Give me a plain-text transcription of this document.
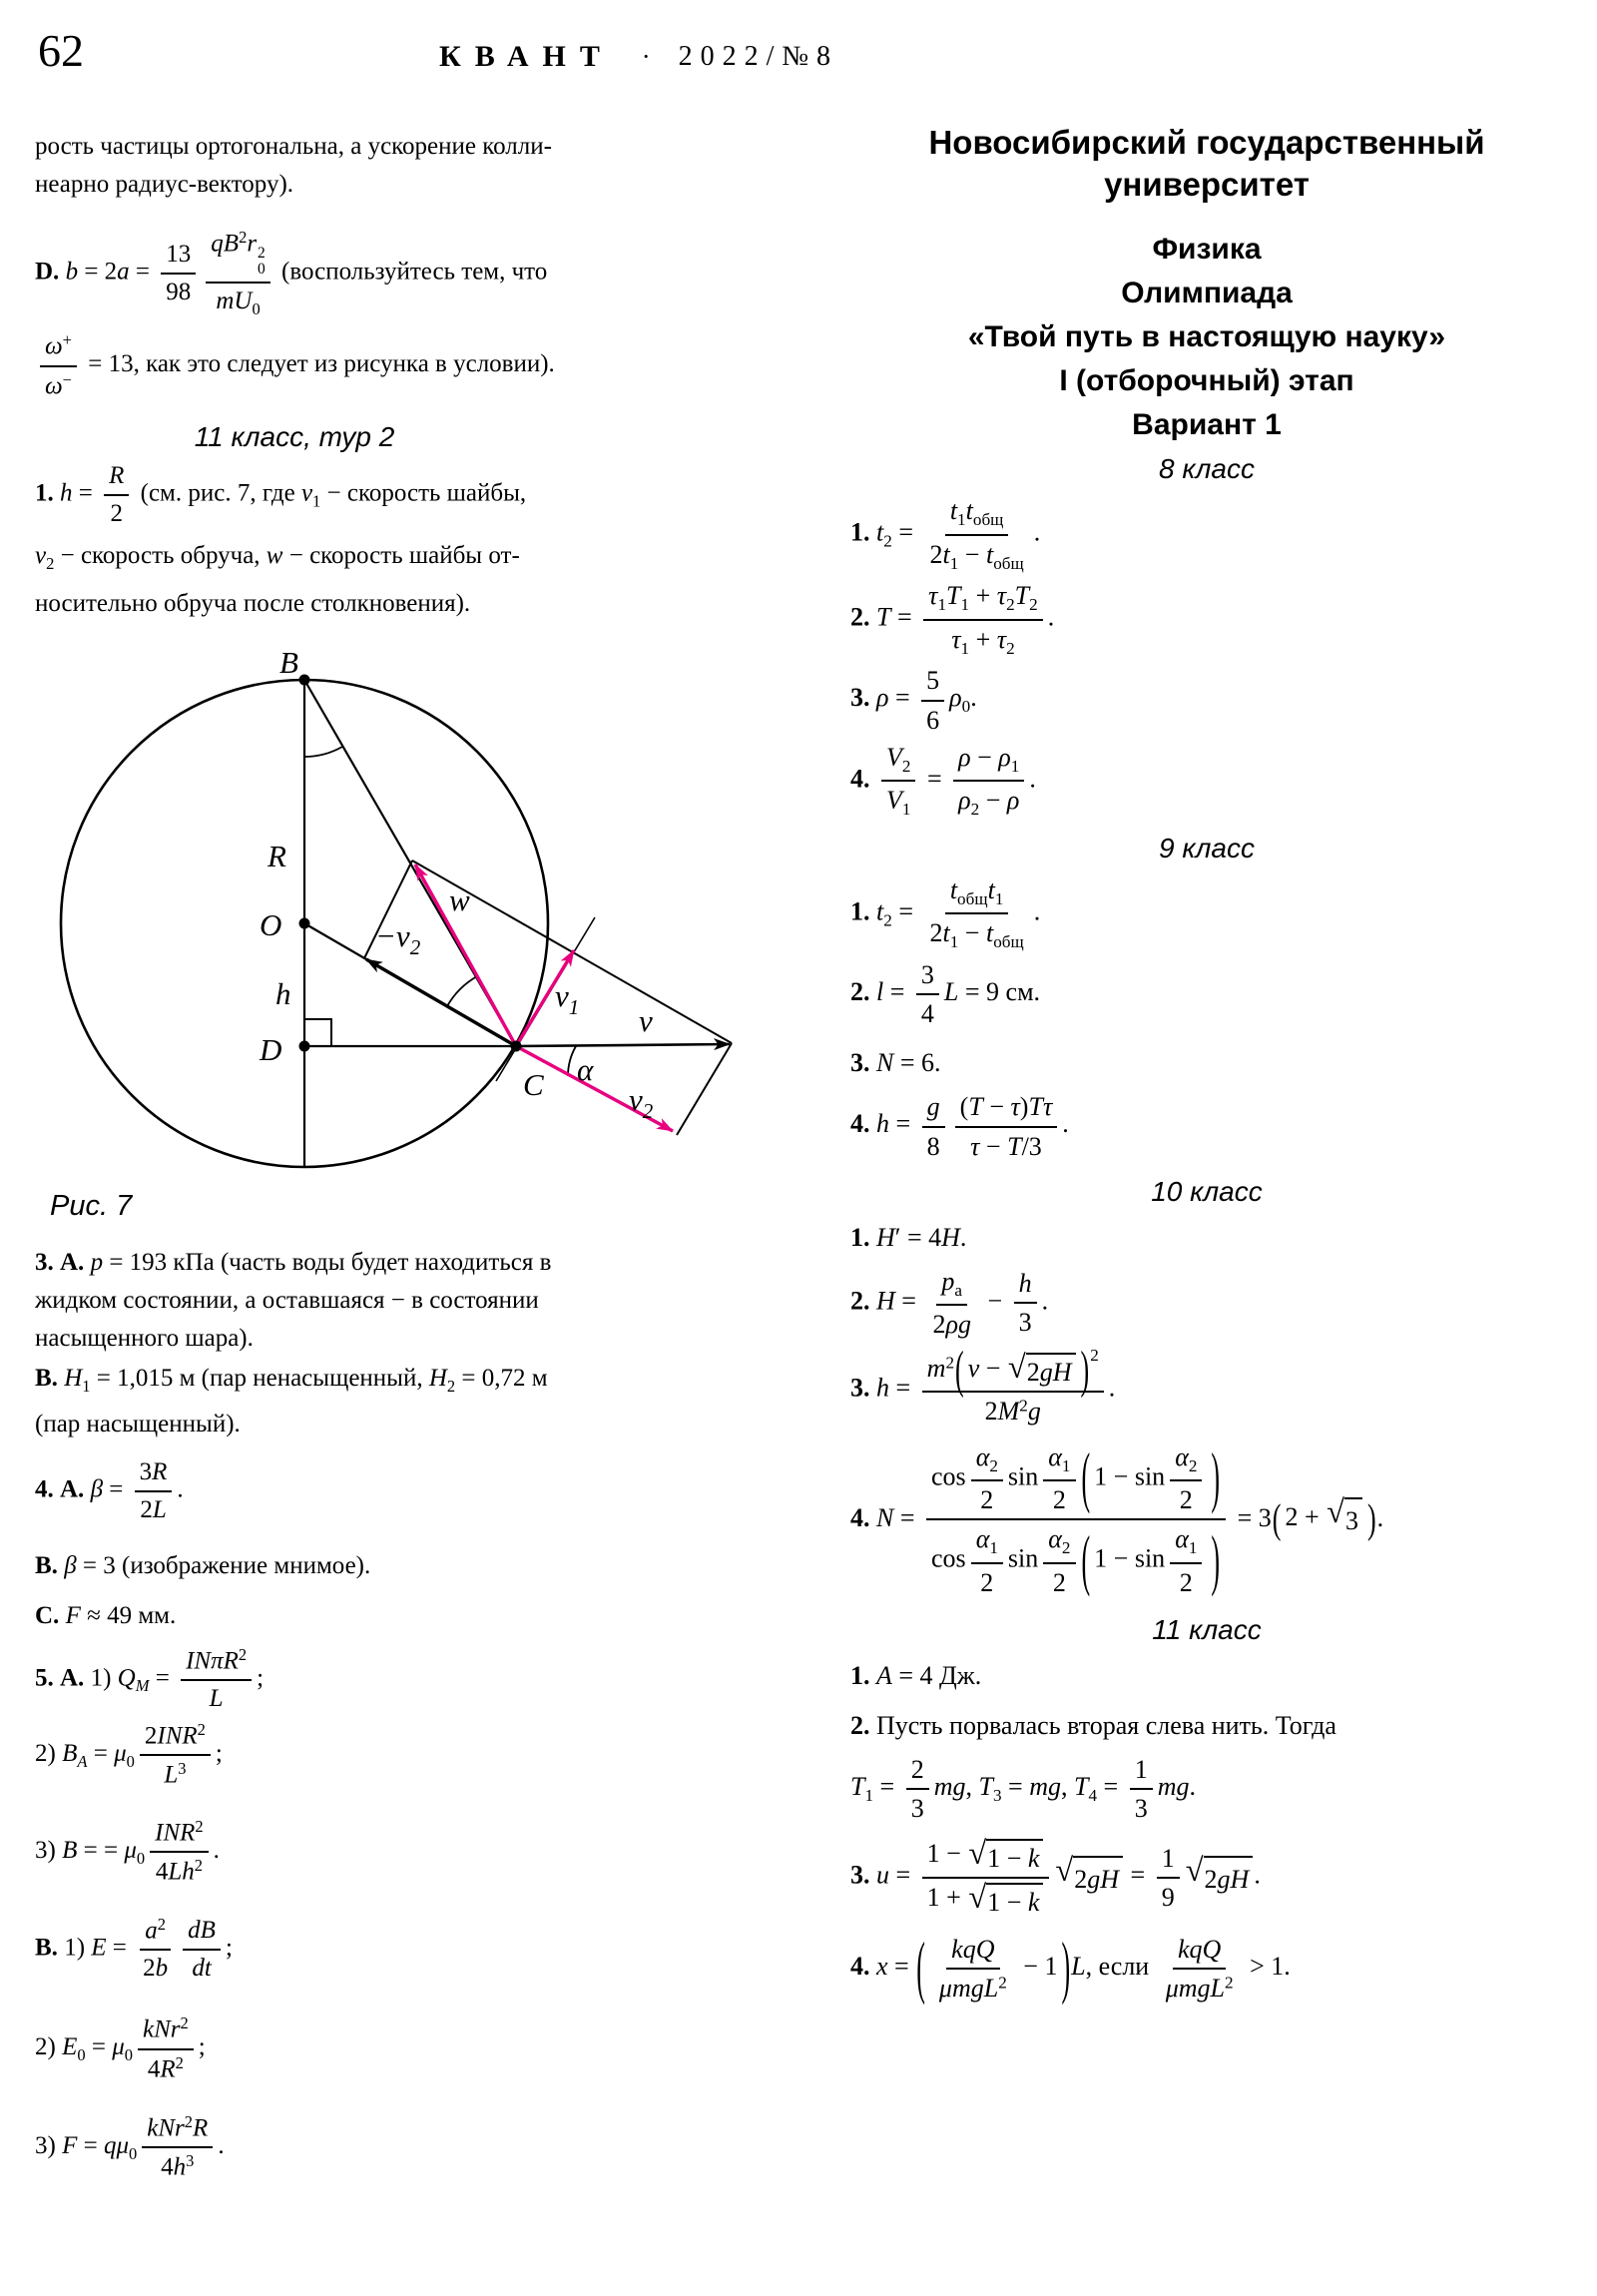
62	КВАНТ · 2022/№8
рость частицы ортогональна, а ускорение колли-
неарно радиус-вектору).
D. $b = 2a = \frac{13}{98} qB^2r$ 2
0
$mU_0$ (воспользуйтесь тем, что
$\frac{\omega^+}{\omega^-} = 13$, как это следует из рисунка в условии).
11 класс, тур 2
1. $h = \frac{R}{2} (см$. рис. 7, где $v_1$ − скорость шайбы,
$v_2$ − скорость обруча, w − скорость шайбы от-
носительно обруча после столкновения).
B
R
O
h
D
C
w
$-v_2$
$v_1$ v
α
$v_2$
Рис. 7
3. А. p = 193 кПа (часть воды будет находиться в
жидком состоянии, а оставшаяся − в состоянии
насыщенного шара).
В. $H_1 = 1,015$ м (пар ненасыщенный, $H_2 = 0,72$ м
(пар насыщенный).
4. А. $\beta = \frac{3R}{2L}$ .
В. β = 3 (изображение мнимое).
С. F ≈ 49 мм.
5. А. 1) $Q_M = \frac{IN\pi R^2}{L}$ ;
2) $B_A = \mu_0 \frac{2INR^2}{L^3}$ ;
3) B = = $\mu_0 \frac{INR^2}{4Lh^2}$ .
В. 1) $E = \frac{a^2}{2b} \frac{dB}{dt}$ ;
2) $E_0 = \mu_0 \frac{kNr^2}{4R^2}$ ;
3) $F = q\mu_0 \frac{kNr^2R}{4h^3}$ .
Новосибирский государственный
университет
Физика
Олимпиада
«Твой путь в настоящую науку»
I (отборочный) этап
Вариант 1
8 класс
1. $t_2 = \frac{t_1t_{общ}}{2t_1 - t_{общ}}$ .
2. $T = \frac{\tau_1T_1 + \tau_2T_2}{\tau_1 + \tau_2}$ .
3. $\rho = \frac{5}{6} \rho_0$.
4. $\frac{V_2}{V_1} = \frac{\rho - \rho_1}{\rho_2 - \rho}$ .
9 класс
1. $t_2 = \frac{t_{общ}t_1}{2t_1 - t_{общ}}$ .
2. $l = \frac{3}{4}$ L = 9 см.
3. N = 6.
4. $h = \frac{g}{8} \frac{(T - \tau)T\tau}{\tau - T/3}$ .
10 класс
1. H′ = 4H.
2. $H = \frac{p_а}{2\rho g} - \frac{h}{3}$ .
3. $h = \frac{m^2 ( v - √ 2gH ) 2}{2M^2g}$ .
4. $N = \frac{\cos \frac{\alpha_2}{2} \sin \frac{\alpha_1}{2} ( 1 - \sin \frac{\alpha_2}{2} )}{\cos \frac{\alpha_1}{2} \sin \frac{\alpha_2}{2} ( 1 - \sin \frac{\alpha_1}{2} )} = 3$ ( 2 + √ 3 ) .
11 класс
1. A = 4 Дж.
2. Пусть порвалась вторая слева нить. Тогда
$T_1 = \frac{2}{3}$ mg, $T_3$ = mg, $T_4 = \frac{1}{3}$ mg.
3. $u = \frac{1 - √ 1 - k}{1 + √ 1 - k}$ √ $2gH = \frac{1}{9}$ √ 2gH .
4. x = ( $\frac{\text{kqQ}}{\mu mgL^2} - 1$ ) L, если $\frac{\text{kqQ}}{\mu mgL^2} > 1$.
